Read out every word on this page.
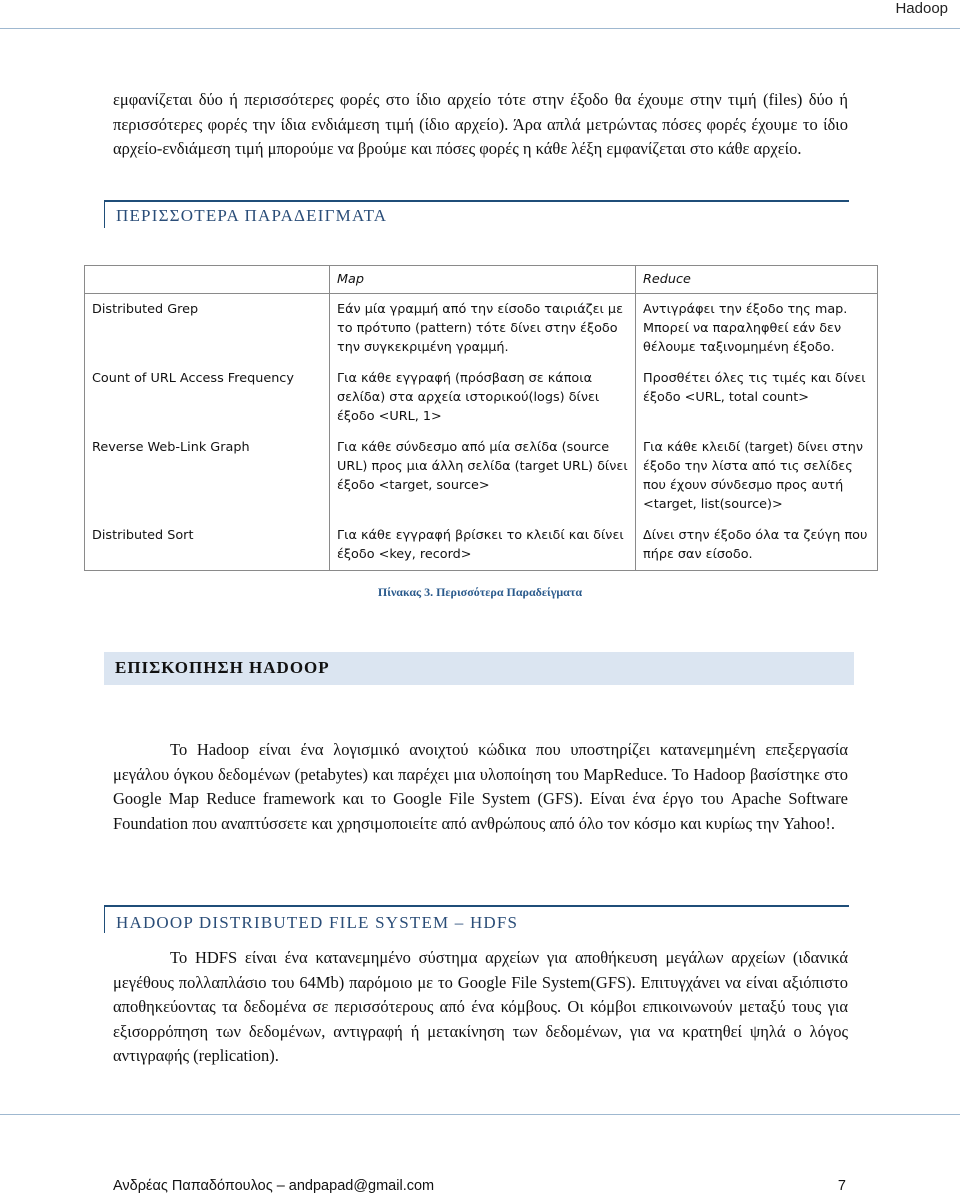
Hadoop
εμφανίζεται δύο ή περισσότερες φορές στο ίδιο αρχείο τότε στην έξοδο θα έχουμε στην τιμή (files) δύο ή περισσότερες φορές την ίδια ενδιάμεση τιμή (ίδιο αρχείο). Άρα απλά μετρώντας πόσες φορές έχουμε το ίδιο αρχείο-ενδιάμεση τιμή μπορούμε να βρούμε και πόσες φορές η κάθε λέξη εμφανίζεται στο κάθε αρχείο.
ΠΕΡΙΣΣΟΤΕΡΑ ΠΑΡΑΔΕΙΓΜΑΤΑ
	Map	Reduce
Distributed Grep	Εάν μία γραμμή από την είσοδο ταιριάζει με το πρότυπο (pattern) τότε δίνει στην έξοδο την συγκεκριμένη γραμμή.	Αντιγράφει την έξοδο της map. Μπορεί να παραληφθεί εάν δεν θέλουμε ταξινομημένη έξοδο.
Count of URL Access Frequency	Για κάθε εγγραφή (πρόσβαση σε κάποια σελίδα) στα αρχεία ιστορικού(logs) δίνει έξοδο <URL, 1>	Προσθέτει όλες τις τιμές και δίνει έξοδο <URL, total count>
Reverse Web-Link Graph	Για κάθε σύνδεσμο από μία σελίδα (source URL) προς μια άλλη σελίδα (target URL) δίνει έξοδο <target, source>	Για κάθε κλειδί (target) δίνει στην έξοδο την λίστα από τις σελίδες που έχουν σύνδεσμο προς αυτή <target, list(source)>
Distributed Sort	Για κάθε εγγραφή βρίσκει το κλειδί και δίνει έξοδο <key, record>	Δίνει στην έξοδο όλα τα ζεύγη που πήρε σαν είσοδο.
Πίνακας 3. Περισσότερα Παραδείγματα
ΕΠΙΣΚΟΠΗΣΗ HADOOP
Το Hadoop είναι ένα λογισμικό ανοιχτού κώδικα που υποστηρίζει κατανεμημένη επεξεργασία μεγάλου όγκου δεδομένων (petabytes) και παρέχει μια υλοποίηση του MapReduce. Το Hadoop βασίστηκε στο Google Map Reduce framework και το Google File System (GFS). Είναι ένα έργο του Apache Software Foundation που αναπτύσσετε και χρησιμοποιείτε από ανθρώπους από όλο τον κόσμο και κυρίως την Yahoo!.
HADOOP DISTRIBUTED FILE SYSTEM – HDFS
Το HDFS είναι ένα κατανεμημένο σύστημα αρχείων για αποθήκευση μεγάλων αρχείων (ιδανικά μεγέθους πολλαπλάσιο του 64Mb) παρόμοιο με το Google File System(GFS). Επιτυγχάνει να είναι αξιόπιστο αποθηκεύοντας τα δεδομένα σε περισσότερους από ένα κόμβους. Οι κόμβοι επικοινωνούν μεταξύ τους για εξισορρόπηση των δεδομένων, αντιγραφή ή μετακίνηση των δεδομένων, για να κρατηθεί ψηλά ο λόγος αντιγραφής (replication).
Ανδρέας Παπαδόπουλος – andpapad@gmail.com	7
